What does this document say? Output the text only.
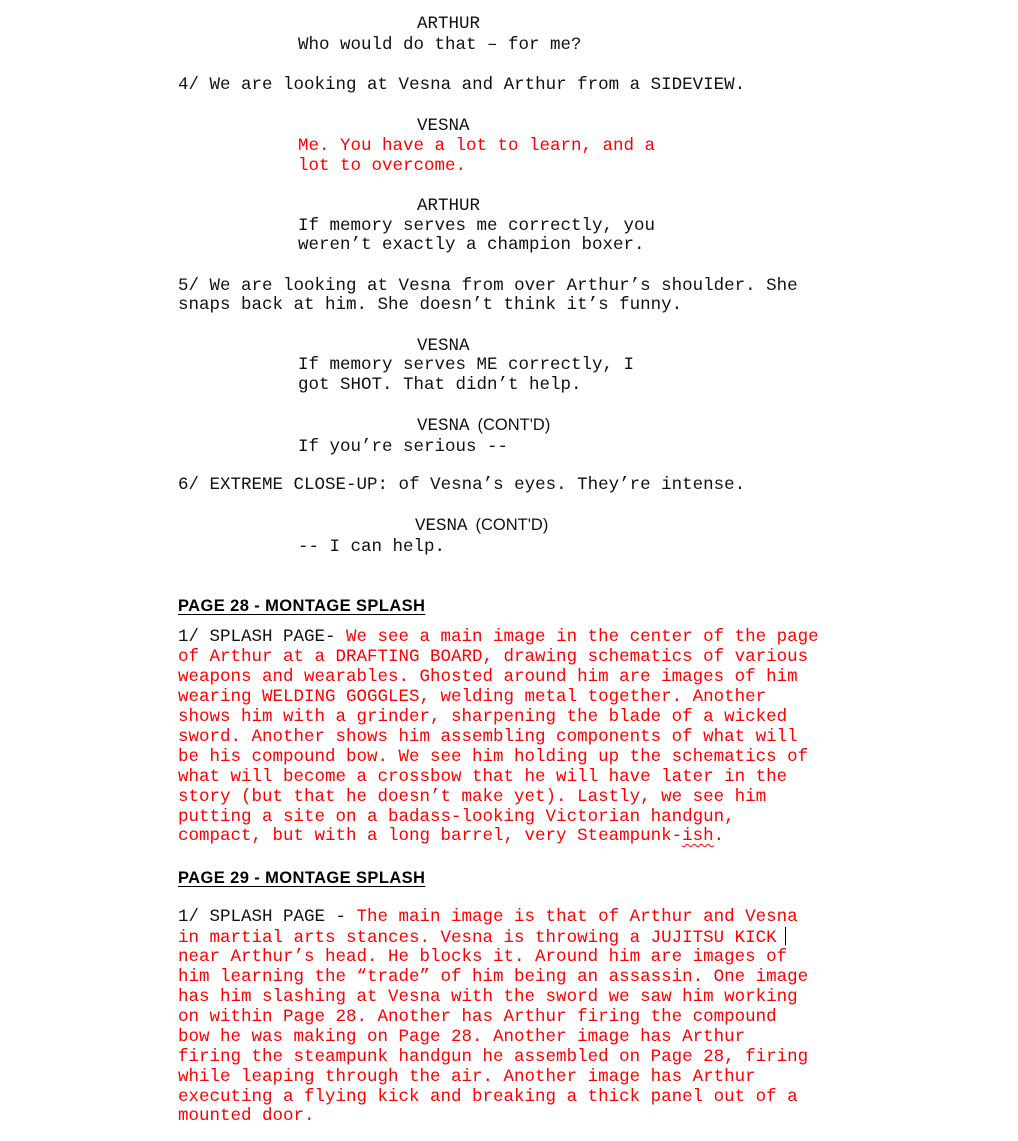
ARTHUR
Who would do that – for me?
4/ We are looking at Vesna and Arthur from a SIDEVIEW.
VESNA
Me. You have a lot to learn, and a
lot to overcome.
ARTHUR
If memory serves me correctly, you
weren’t exactly a champion boxer.
5/ We are looking at Vesna from over Arthur’s shoulder. She
snaps back at him. She doesn’t think it’s funny.
VESNA
If memory serves ME correctly, I
got SHOT. That didn’t help.
VESNA (CONT'D)
If you’re serious --
6/ EXTREME CLOSE-UP: of Vesna’s eyes. They’re intense.
VESNA (CONT'D)
-- I can help.
PAGE 28 - MONTAGE SPLASH
1/ SPLASH PAGE- We see a main image in the center of the page
of Arthur at a DRAFTING BOARD, drawing schematics of various
weapons and wearables. Ghosted around him are images of him
wearing WELDING GOGGLES, welding metal together. Another
shows him with a grinder, sharpening the blade of a wicked
sword. Another shows him assembling components of what will
be his compound bow. We see him holding up the schematics of
what will become a crossbow that he will have later in the
story (but that he doesn’t make yet). Lastly, we see him
putting a site on a badass-looking Victorian handgun,
compact, but with a long barrel, very Steampunk-ish.
PAGE 29 - MONTAGE SPLASH
1/ SPLASH PAGE - The main image is that of Arthur and Vesna
in martial arts stances. Vesna is throwing a JUJITSU KICK
near Arthur’s head. He blocks it. Around him are images of
him learning the “trade” of him being an assassin. One image
has him slashing at Vesna with the sword we saw him working
on within Page 28. Another has Arthur firing the compound
bow he was making on Page 28. Another image has Arthur
firing the steampunk handgun he assembled on Page 28, firing
while leaping through the air. Another image has Arthur
executing a flying kick and breaking a thick panel out of a
mounted door.
